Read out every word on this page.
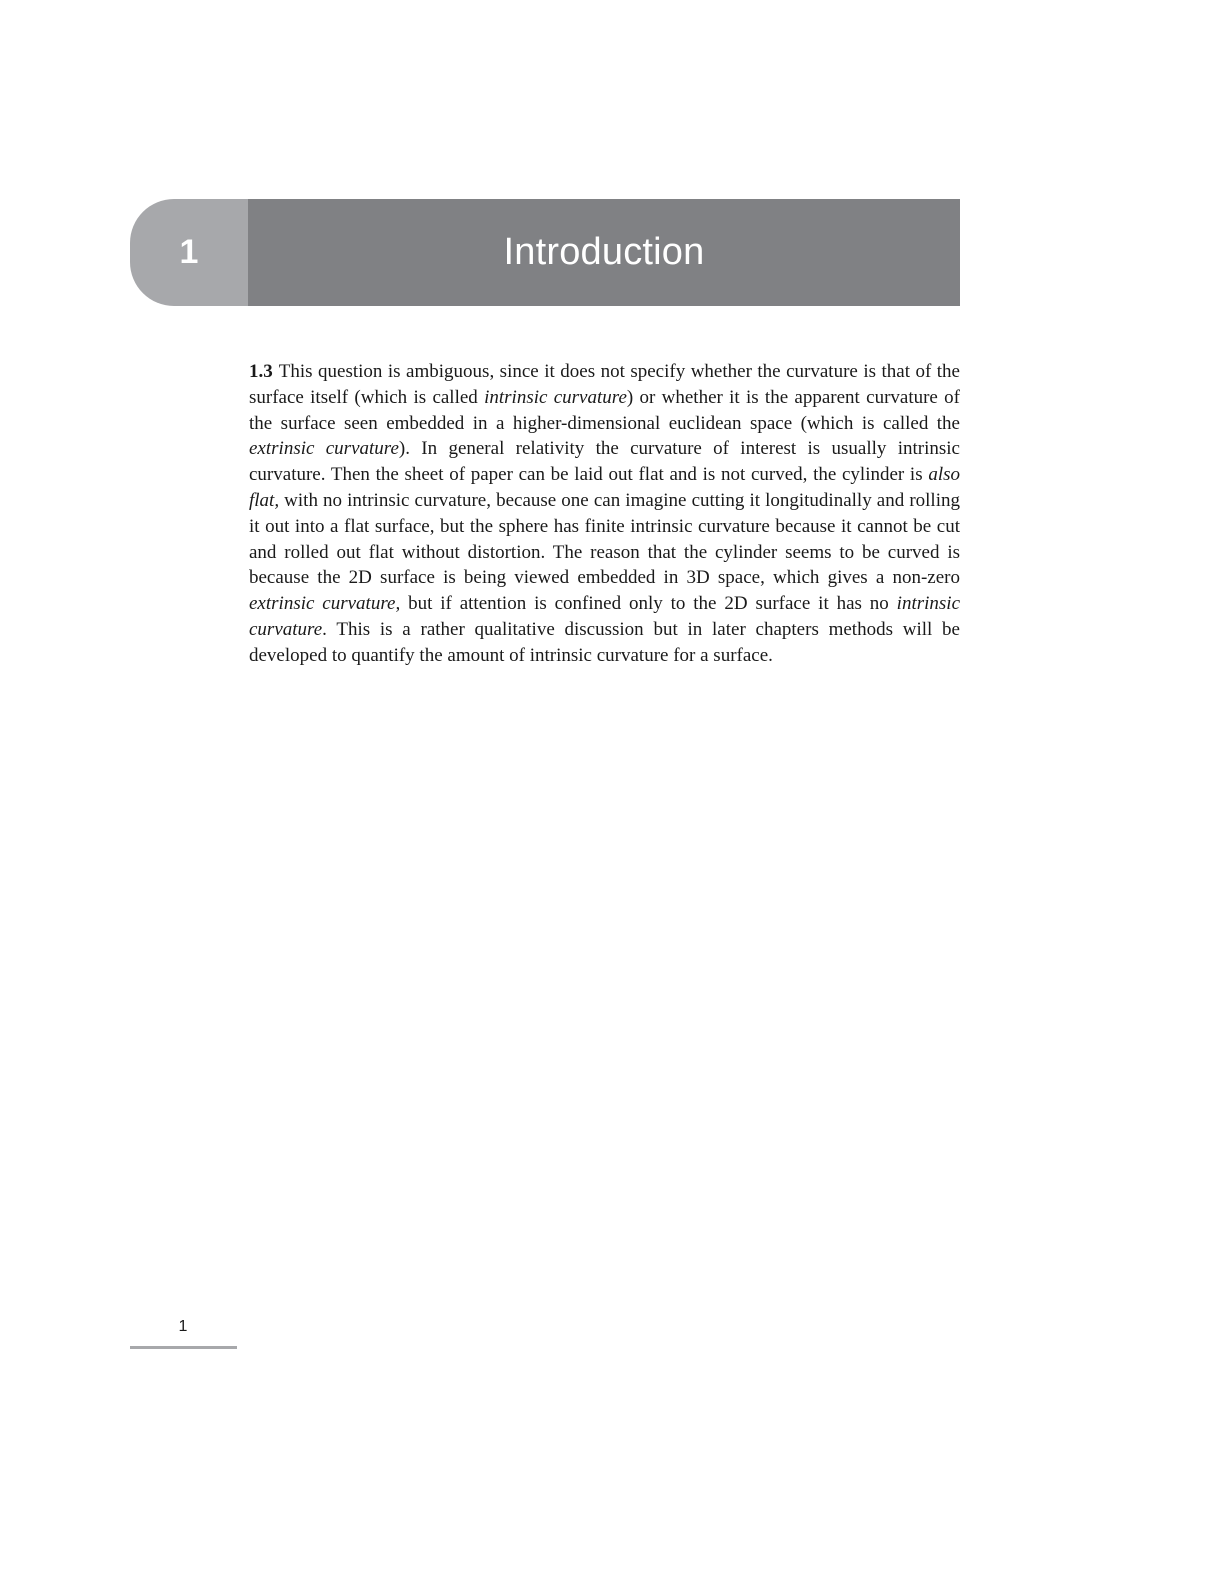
1	Introduction

1.3 This question is ambiguous, since it does not specify whether the curvature is that of the surface itself (which is called intrinsic curvature) or whether it is the apparent curvature of the surface seen embedded in a higher-dimensional euclidean space (which is called the extrinsic curvature). In general relativity the curvature of interest is usually intrinsic curvature. Then the sheet of paper can be laid out flat and is not curved, the cylinder is also flat, with no intrinsic curvature, because one can imagine cutting it longitudinally and rolling it out into a flat surface, but the sphere has finite intrinsic curvature because it cannot be cut and rolled out flat without distortion. The reason that the cylinder seems to be curved is because the 2D surface is being viewed embedded in 3D space, which gives a non-zero extrinsic curvature, but if attention is confined only to the 2D surface it has no intrinsic curvature. This is a rather qualitative discussion but in later chapters methods will be developed to quantify the amount of intrinsic curvature for a surface.

1
